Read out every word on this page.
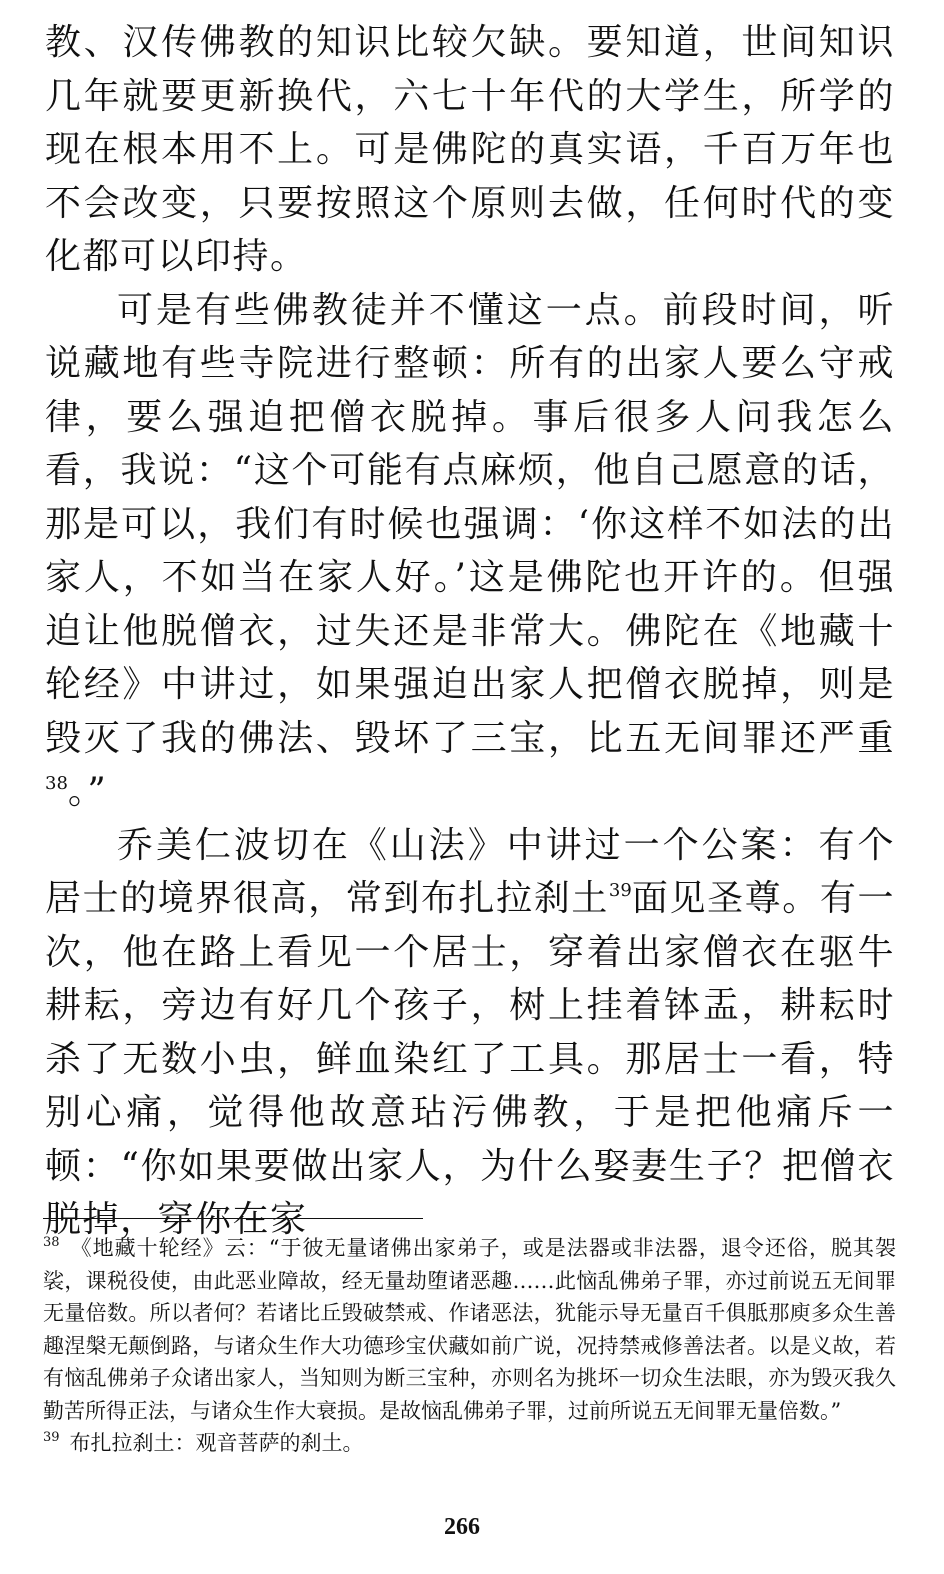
教、汉传佛教的知识比较欠缺。要知道，世间知识几年就要更新换代，六七十年代的大学生，所学的现在根本用不上。可是佛陀的真实语，千百万年也不会改变，只要按照这个原则去做，任何时代的变化都可以印持。

可是有些佛教徒并不懂这一点。前段时间，听说藏地有些寺院进行整顿：所有的出家人要么守戒律，要么强迫把僧衣脱掉。事后很多人问我怎么看，我说：“这个可能有点麻烦，他自己愿意的话，那是可以，我们有时候也强调：‘你这样不如法的出家人，不如当在家人好。’这是佛陀也开许的。但强迫让他脱僧衣，过失还是非常大。佛陀在《地藏十轮经》中讲过，如果强迫出家人把僧衣脱掉，则是毁灭了我的佛法、毁坏了三宝，比五无间罪还严重$^{38}$。”

乔美仁波切在《山法》中讲过一个公案：有个居士的境界很高，常到布扎拉刹土$^{39}$面见圣尊。有一次，他在路上看见一个居士，穿着出家僧衣在驱牛耕耘，旁边有好几个孩子，树上挂着钵盂，耕耘时杀了无数小虫，鲜血染红了工具。那居士一看，特别心痛，觉得他故意玷污佛教，于是把他痛斥一顿：“你如果要做出家人，为什么娶妻生子？把僧衣脱掉，穿你在家

$^{38}$ 《地藏十轮经》云：“于彼无量诸佛出家弟子，或是法器或非法器，退令还俗，脱其袈裟，课税役使，由此恶业障故，经无量劫堕诸恶趣……此恼乱佛弟子罪，亦过前说五无间罪无量倍数。所以者何？若诸比丘毁破禁戒、作诸恶法，犹能示导无量百千俱胝那庾多众生善趣涅槃无颠倒路，与诸众生作大功德珍宝伏藏如前广说，况持禁戒修善法者。以是义故，若有恼乱佛弟子众诸出家人，当知则为断三宝种，亦则名为挑坏一切众生法眼，亦为毁灭我久勤苦所得正法，与诸众生作大衰损。是故恼乱佛弟子罪，过前所说五无间罪无量倍数。”

$^{39}$ 布扎拉刹土：观音菩萨的刹土。

266
